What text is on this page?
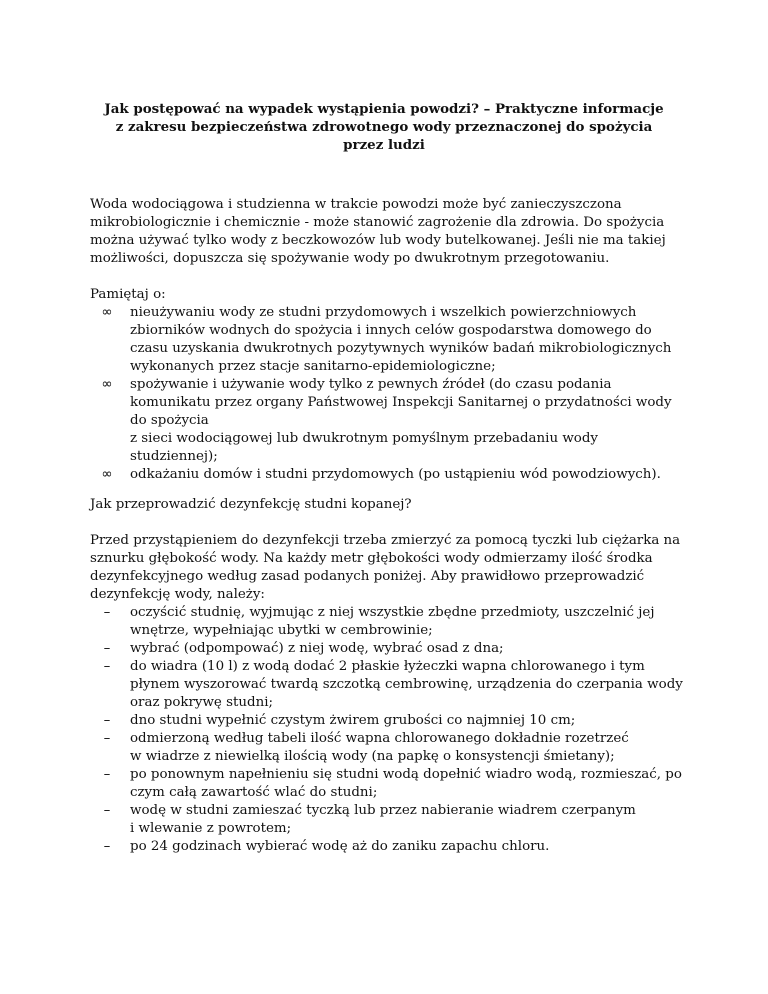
Jak postępować na wypadek wystąpienia powodzi? – Praktyczne informacje
z zakresu bezpieczeństwa zdrowotnego wody przeznaczonej do spożycia
przez ludzi
Woda wodociągowa i studzienna w trakcie powodzi może być zanieczyszczona
mikrobiologicznie i chemicznie - może stanowić zagrożenie dla zdrowia. Do spożycia
można używać tylko wody z beczkowozów lub wody butelkowanej. Jeśli nie ma takiej
możliwości, dopuszcza się spożywanie wody po dwukrotnym przegotowaniu.
Pamiętaj o:
∞	nieużywaniu wody ze studni przydomowych i wszelkich powierzchniowych
zbiorników wodnych do spożycia i innych celów gospodarstwa domowego do
czasu uzyskania dwukrotnych pozytywnych wyników badań mikrobiologicznych
wykonanych przez stacje sanitarno-epidemiologiczne;
∞	spożywanie i używanie wody tylko z pewnych źródeł (do czasu podania
komunikatu przez organy Państwowej Inspekcji Sanitarnej o przydatności wody
do spożycia
z sieci wodociągowej lub dwukrotnym pomyślnym przebadaniu wody
studziennej);
∞	odkażaniu domów i studni przydomowych (po ustąpieniu wód powodziowych).
Jak przeprowadzić dezynfekcję studni kopanej?
Przed przystąpieniem do dezynfekcji trzeba zmierzyć za pomocą tyczki lub ciężarka na
sznurku głębokość wody. Na każdy metr głębokości wody odmierzamy ilość środka
dezynfekcyjnego według zasad podanych poniżej. Aby prawidłowo przeprowadzić
dezynfekcję wody, należy:
–	oczyścić studnię, wyjmując z niej wszystkie zbędne przedmioty, uszczelnić jej
wnętrze, wypełniając ubytki w cembrowinie;
–	wybrać (odpompować) z niej wodę, wybrać osad z dna;
–	do wiadra (10 l) z wodą dodać 2 płaskie łyżeczki wapna chlorowanego i tym
płynem wyszorować twardą szczotką cembrowinę, urządzenia do czerpania wody
oraz pokrywę studni;
–	dno studni wypełnić czystym żwirem grubości co najmniej 10 cm;
–	odmierzoną według tabeli ilość wapna chlorowanego dokładnie rozetrzeć
w wiadrze z niewielką ilością wody (na papkę o konsystencji śmietany);
–	po ponownym napełnieniu się studni wodą dopełnić wiadro wodą, rozmieszać, po
czym całą zawartość wlać do studni;
–	wodę w studni zamieszać tyczką lub przez nabieranie wiadrem czerpanym
i wlewanie z powrotem;
–	po 24 godzinach wybierać wodę aż do zaniku zapachu chloru.
